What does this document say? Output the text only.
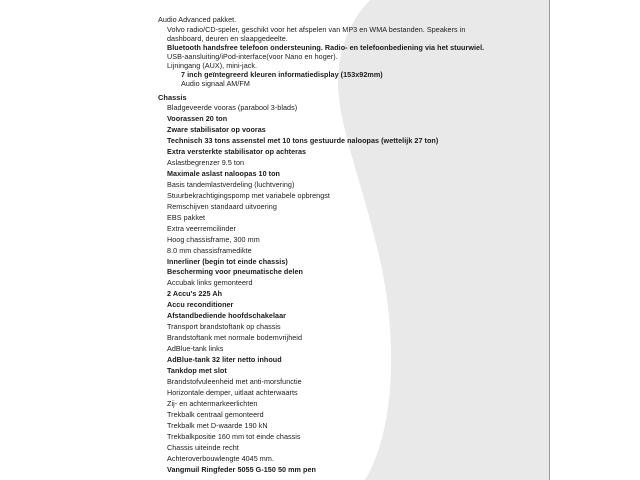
Audio Advanced pakket.
Volvo radio/CD-speler, geschikt voor het afspelen van MP3 en WMA bestanden. Speakers in
dashboard, deuren en slaapgedeelte.
Bluetooth handsfree telefoon ondersteuning. Radio- en telefoonbediening via het stuurwiel.
USB-aansluiting/iPod-interface(voor Nano en hoger).
Lijningang (AUX), mini-jack.
7 inch geïntegreerd kleuren informatiedisplay (153x92mm)
Audio signaal AM/FM
Chassis
Bladgeveerde vooras (parabool 3-blads)
Voorassen 20 ton
Zware stabilisator op vooras
Technisch 33 tons assenstel met 10 tons gestuurde naloopas (wettelijk 27 ton)
Extra versterkte stabilisator op achteras
Aslastbegrenzer 9.5 ton
Maximale aslast naloopas 10 ton
Basis tandemlastverdeling (luchtvering)
Stuurbekrachtigingspomp met variabele opbrengst
Remschijven standaard uitvoering
EBS pakket
Extra veerremcilinder
Hoog chassisframe, 300 mm
8.0 mm chassisframedikte
Innerliner (begin tot einde chassis)
Bescherming voor pneumatische delen
Accubak links gemonteerd
2 Accu's 225 Ah
Accu reconditioner
Afstandbediende hoofdschakelaar
Transport brandstoftank op chassis
Brandstoftank met normale bodemvrijheid
AdBlue-tank links
AdBlue-tank 32 liter netto inhoud
Tankdop met slot
Brandstofvuleenheid met anti-morsfunctie
Horizontale demper, uitlaat achterwaarts
Zij- en achtermarkeerlichten
Trekbalk centraal gemonteerd
Trekbalk met D-waarde 190 kN
Trekbalkpositie 160 mm tot einde chassis
Chassis uiteinde recht
Achteroverbouwlengte 4045 mm.
Vangmuil Ringfeder 5055 G-150 50 mm pen
